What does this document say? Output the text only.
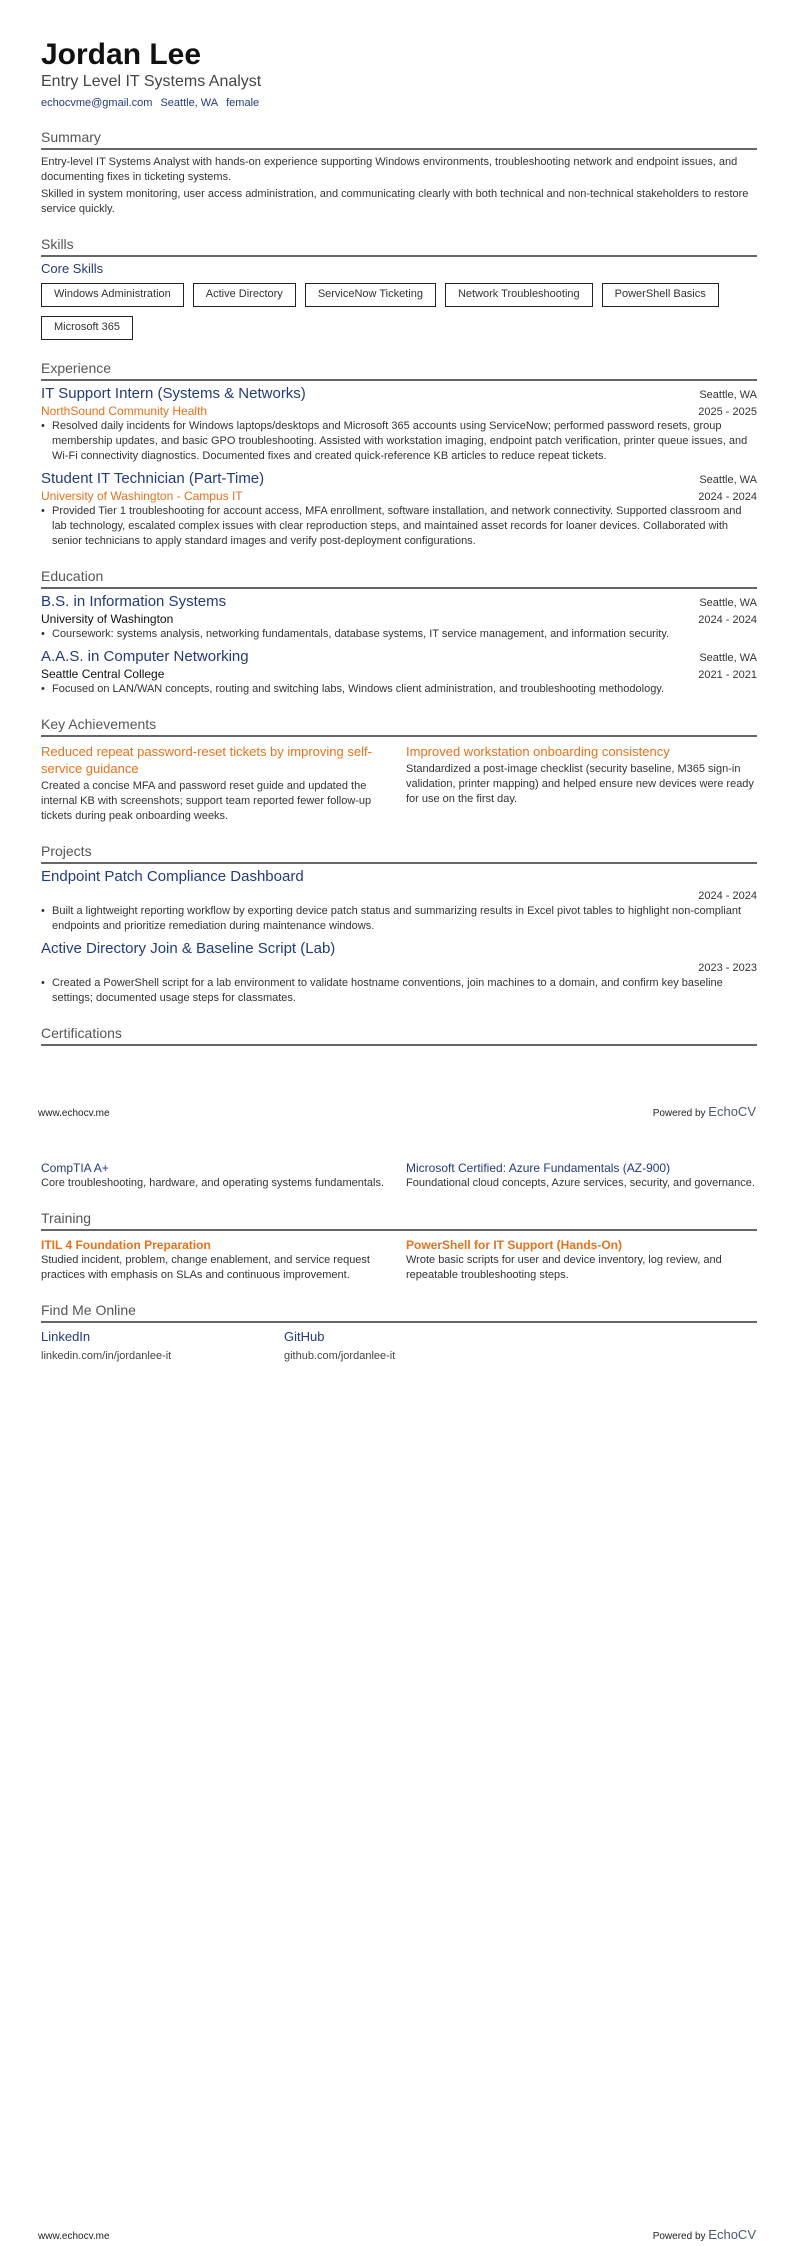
Jordan Lee
Entry Level IT Systems Analyst
echocvme@gmail.com Seattle, WA female
Summary

Entry-level IT Systems Analyst with hands-on experience supporting Windows environments, troubleshooting network and endpoint issues, and documenting fixes in ticketing systems.

Skilled in system monitoring, user access administration, and communicating clearly with both technical and non-technical stakeholders to restore service quickly.

Skills
Core Skills
Windows Administration	Active Directory	ServiceNow Ticketing	Network Troubleshooting	PowerShell Basics
Microsoft 365
Experience
IT Support Intern (Systems & Networks)	Seattle, WA
NorthSound Community Health	2025 - 2025
• Resolved daily incidents for Windows laptops/desktops and Microsoft 365 accounts using ServiceNow; performed password resets, group membership updates, and basic GPO troubleshooting. Assisted with workstation imaging, endpoint patch verification, printer queue issues, and Wi-Fi connectivity diagnostics. Documented fixes and created quick-reference KB articles to reduce repeat tickets.
Student IT Technician (Part-Time)	Seattle, WA
University of Washington - Campus IT	2024 - 2024
• Provided Tier 1 troubleshooting for account access, MFA enrollment, software installation, and network connectivity. Supported classroom and lab technology, escalated complex issues with clear reproduction steps, and maintained asset records for loaner devices. Collaborated with senior technicians to apply standard images and verify post-deployment configurations.
Education
B.S. in Information Systems	Seattle, WA
University of Washington	2024 - 2024
• Coursework: systems analysis, networking fundamentals, database systems, IT service management, and information security.
A.A.S. in Computer Networking	Seattle, WA
Seattle Central College	2021 - 2021
• Focused on LAN/WAN concepts, routing and switching labs, Windows client administration, and troubleshooting methodology.
Key Achievements
Reduced repeat password-reset tickets by improving self-service guidance
Created a concise MFA and password reset guide and updated the internal KB with screenshots; support team reported fewer follow-up tickets during peak onboarding weeks.
Improved workstation onboarding consistency
Standardized a post-image checklist (security baseline, M365 sign-in validation, printer mapping) and helped ensure new devices were ready for use on the first day.
Projects
Endpoint Patch Compliance Dashboard
2024 - 2024
• Built a lightweight reporting workflow by exporting device patch status and summarizing results in Excel pivot tables to highlight non-compliant endpoints and prioritize remediation during maintenance windows.
Active Directory Join & Baseline Script (Lab)
2023 - 2023
• Created a PowerShell script for a lab environment to validate hostname conventions, join machines to a domain, and confirm key baseline settings; documented usage steps for classmates.
Certifications
www.echocv.me	Powered by EchoCV
CompTIA A+
Core troubleshooting, hardware, and operating systems fundamentals.
Microsoft Certified: Azure Fundamentals (AZ-900)
Foundational cloud concepts, Azure services, security, and governance.
Training
ITIL 4 Foundation Preparation
Studied incident, problem, change enablement, and service request practices with emphasis on SLAs and continuous improvement.
PowerShell for IT Support (Hands-On)
Wrote basic scripts for user and device inventory, log review, and repeatable troubleshooting steps.
Find Me Online
LinkedIn
linkedin.com/in/jordanlee-it
GitHub
github.com/jordanlee-it
www.echocv.me	Powered by EchoCV
